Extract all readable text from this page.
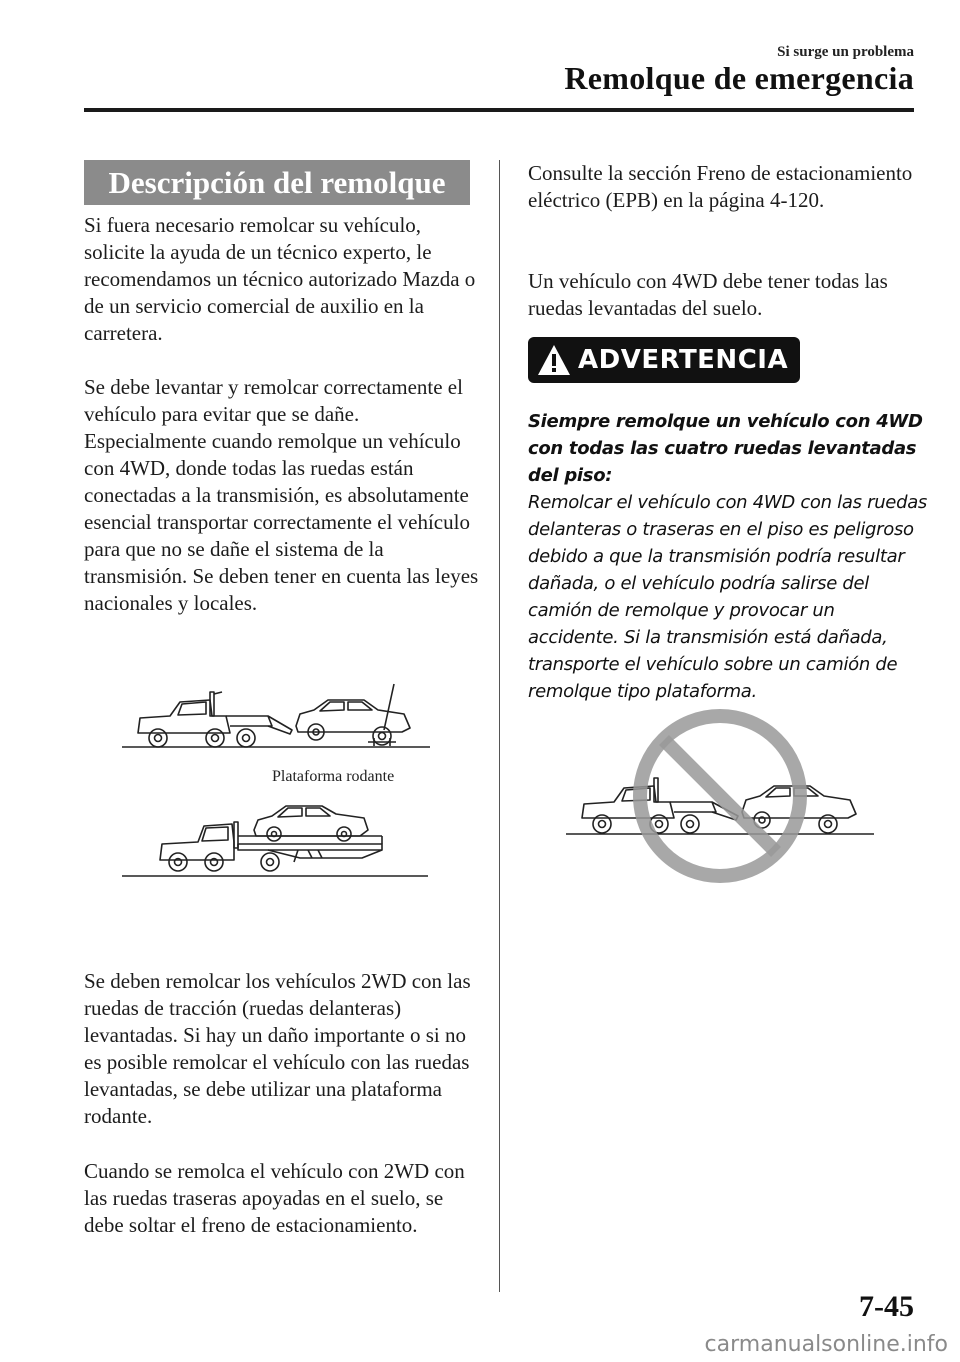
Si surge un problema
Remolque de emergencia
Descripción del remolque

Si fuera necesario remolcar su vehículo, solicite la ayuda de un técnico experto, le recomendamos un técnico autorizado Mazda o de un servicio comercial de auxilio en la carretera.

Se debe levantar y remolcar correctamente el vehículo para evitar que se dañe. Especialmente cuando remolque un vehículo con 4WD, donde todas las ruedas están conectadas a la transmisión, es absolutamente esencial transportar correctamente el vehículo para que no se dañe el sistema de la transmisión. Se deben tener en cuenta las leyes nacionales y locales.

Plataforma rodante

Se deben remolcar los vehículos 2WD con las ruedas de tracción (ruedas delanteras) levantadas. Si hay un daño importante o si no es posible remolcar el vehículo con las ruedas levantadas, se debe utilizar una plataforma rodante.

Cuando se remolca el vehículo con 2WD con las ruedas traseras apoyadas en el suelo, se debe soltar el freno de estacionamiento.

Consulte la sección Freno de estacionamiento eléctrico (EPB) en la página 4-120.

Un vehículo con 4WD debe tener todas las ruedas levantadas del suelo.

ADVERTENCIA

Siempre remolque un vehículo con 4WD con todas las cuatro ruedas levantadas del piso:
Remolcar el vehículo con 4WD con las ruedas delanteras o traseras en el piso es peligroso debido a que la transmisión podría resultar dañada, o el vehículo podría salirse del camión de remolque y provocar un accidente. Si la transmisión está dañada, transporte el vehículo sobre un camión de remolque tipo plataforma.

7-45
carmanualsonline.info
